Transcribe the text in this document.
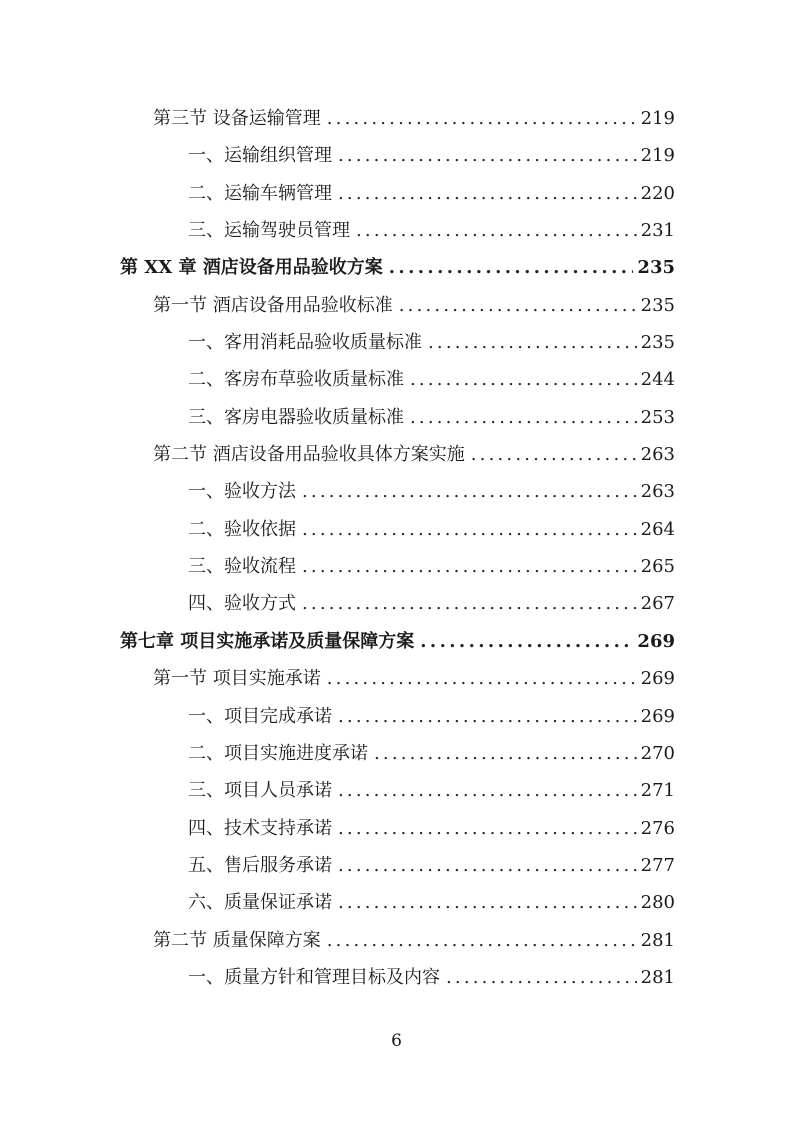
第三节 设备运输管理 .....	219
一、运输组织管理 .....	219
二、运输车辆管理 .....	220
三、运输驾驶员管理 .....	231
第 XX 章 酒店设备用品验收方案 .....	235
第一节 酒店设备用品验收标准 .....	235
一、客用消耗品验收质量标准 .....	235
二、客房布草验收质量标准 .....	244
三、客房电器验收质量标准 .....	253
第二节 酒店设备用品验收具体方案实施 .....	263
一、验收方法 .....	263
二、验收依据 .....	264
三、验收流程 .....	265
四、验收方式 .....	267
第七章 项目实施承诺及质量保障方案 .....	269
第一节 项目实施承诺 .....	269
一、项目完成承诺 .....	269
二、项目实施进度承诺 .....	270
三、项目人员承诺 .....	271
四、技术支持承诺 .....	276
五、售后服务承诺 .....	277
六、质量保证承诺 .....	280
第二节 质量保障方案 .....	281
一、质量方针和管理目标及内容 .....	281
6
